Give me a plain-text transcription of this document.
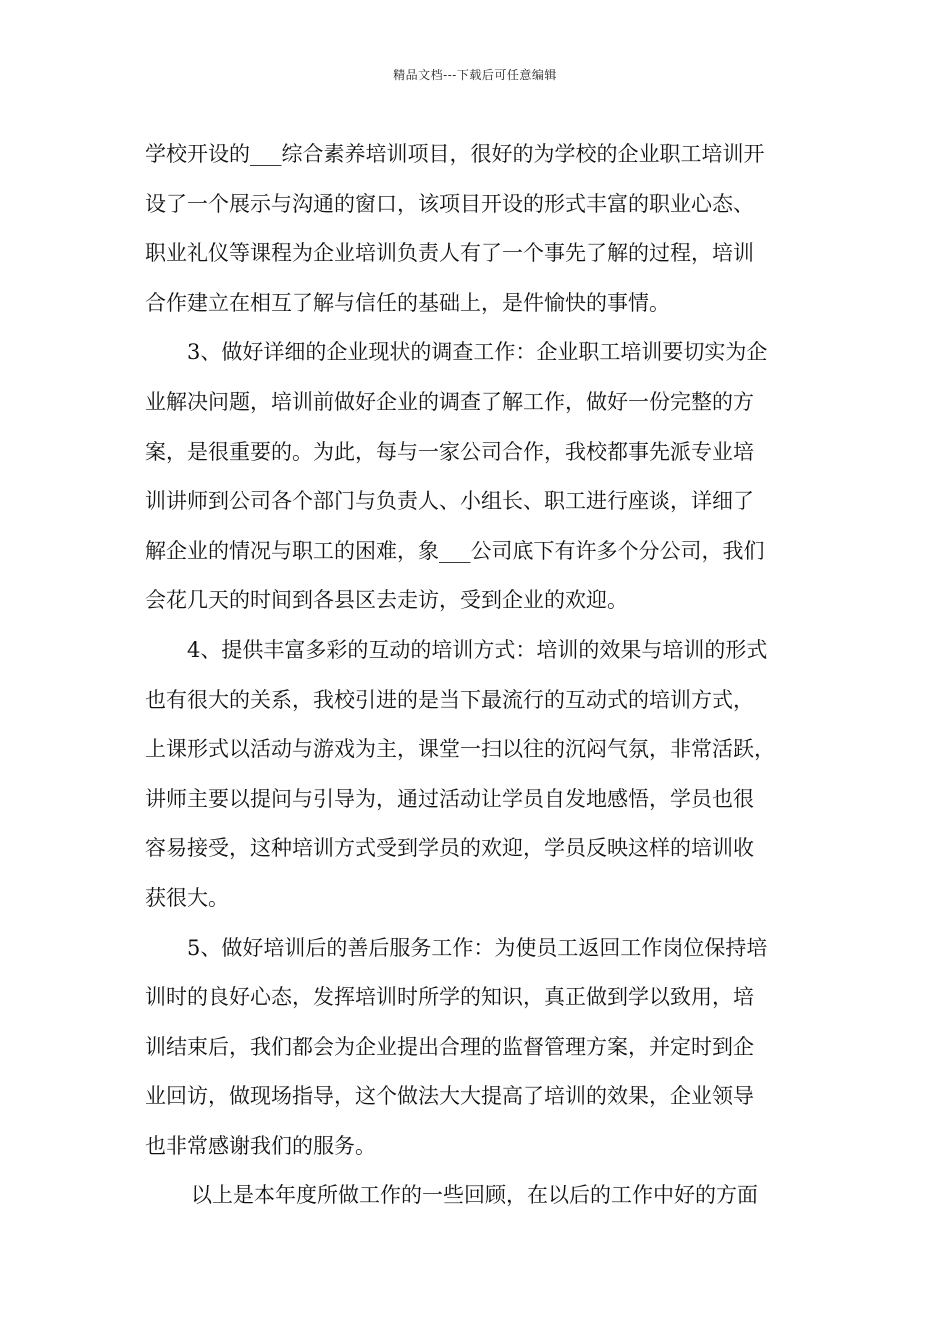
精品文档---下载后可任意编辑
学校开设的___综合素养培训项目，很好的为学校的企业职工培训开
设了一个展示与沟通的窗口，该项目开设的形式丰富的职业心态、
职业礼仪等课程为企业培训负责人有了一个事先了解的过程，培训
合作建立在相互了解与信任的基础上，是件愉快的事情。
3、做好详细的企业现状的调查工作：企业职工培训要切实为企
业解决问题，培训前做好企业的调查了解工作，做好一份完整的方
案，是很重要的。为此，每与一家公司合作，我校都事先派专业培
训讲师到公司各个部门与负责人、小组长、职工进行座谈，详细了
解企业的情况与职工的困难，象___公司底下有许多个分公司，我们
会花几天的时间到各县区去走访，受到企业的欢迎。
4、提供丰富多彩的互动的培训方式：培训的效果与培训的形式
也有很大的关系，我校引进的是当下最流行的互动式的培训方式，
上课形式以活动与游戏为主，课堂一扫以往的沉闷气氛，非常活跃，
讲师主要以提问与引导为，通过活动让学员自发地感悟，学员也很
容易接受，这种培训方式受到学员的欢迎，学员反映这样的培训收
获很大。
5、做好培训后的善后服务工作：为使员工返回工作岗位保持培
训时的良好心态，发挥培训时所学的知识，真正做到学以致用，培
训结束后，我们都会为企业提出合理的监督管理方案，并定时到企
业回访，做现场指导，这个做法大大提高了培训的效果，企业领导
也非常感谢我们的服务。
以上是本年度所做工作的一些回顾，在以后的工作中好的方面
